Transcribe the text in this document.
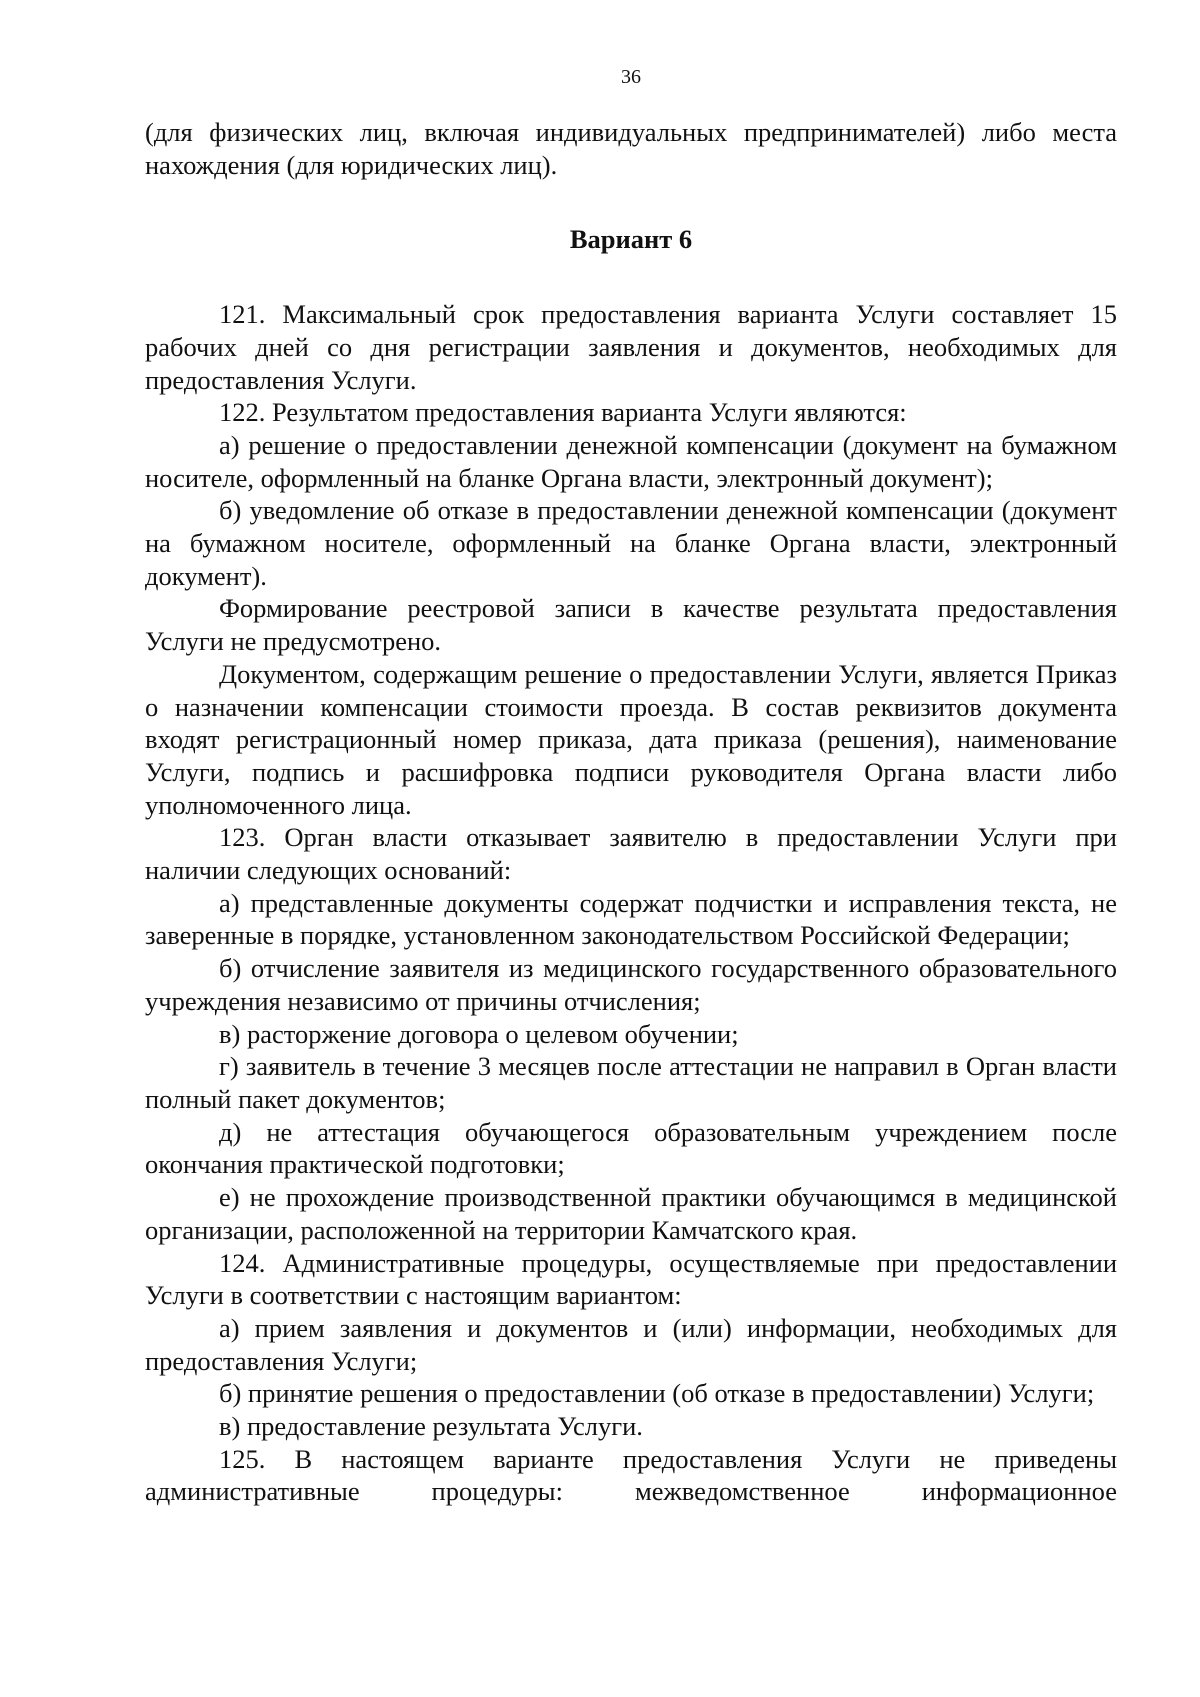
36

(для физических лиц, включая индивидуальных предпринимателей) либо места нахождения (для юридических лиц).

Вариант 6

121. Максимальный срок предоставления варианта Услуги составляет 15 рабочих дней со дня регистрации заявления и документов, необходимых для предоставления Услуги.

122. Результатом предоставления варианта Услуги являются:

а) решение о предоставлении денежной компенсации (документ на бумажном носителе, оформленный на бланке Органа власти, электронный документ);

б) уведомление об отказе в предоставлении денежной компенсации (документ на бумажном носителе, оформленный на бланке Органа власти, электронный документ).

Формирование реестровой записи в качестве результата предоставления Услуги не предусмотрено.

Документом, содержащим решение о предоставлении Услуги, является Приказ о назначении компенсации стоимости проезда. В состав реквизитов документа входят регистрационный номер приказа, дата приказа (решения), наименование Услуги, подпись и расшифровка подписи руководителя Органа власти либо уполномоченного лица.

123. Орган власти отказывает заявителю в предоставлении Услуги при наличии следующих оснований:

а) представленные документы содержат подчистки и исправления текста, не заверенные в порядке, установленном законодательством Российской Федерации;

б) отчисление заявителя из медицинского государственного образовательного учреждения независимо от причины отчисления;

в) расторжение договора о целевом обучении;

г) заявитель в течение 3 месяцев после аттестации не направил в Орган власти полный пакет документов;

д) не аттестация обучающегося образовательным учреждением после окончания практической подготовки;

е) не прохождение производственной практики обучающимся в медицинской организации, расположенной на территории Камчатского края.

124. Административные процедуры, осуществляемые при предоставлении Услуги в соответствии с настоящим вариантом:

а) прием заявления и документов и (или) информации, необходимых для предоставления Услуги;

б) принятие решения о предоставлении (об отказе в предоставлении) Услуги;

в) предоставление результата Услуги.

125. В настоящем варианте предоставления Услуги не приведены административные процедуры: межведомственное информационное
